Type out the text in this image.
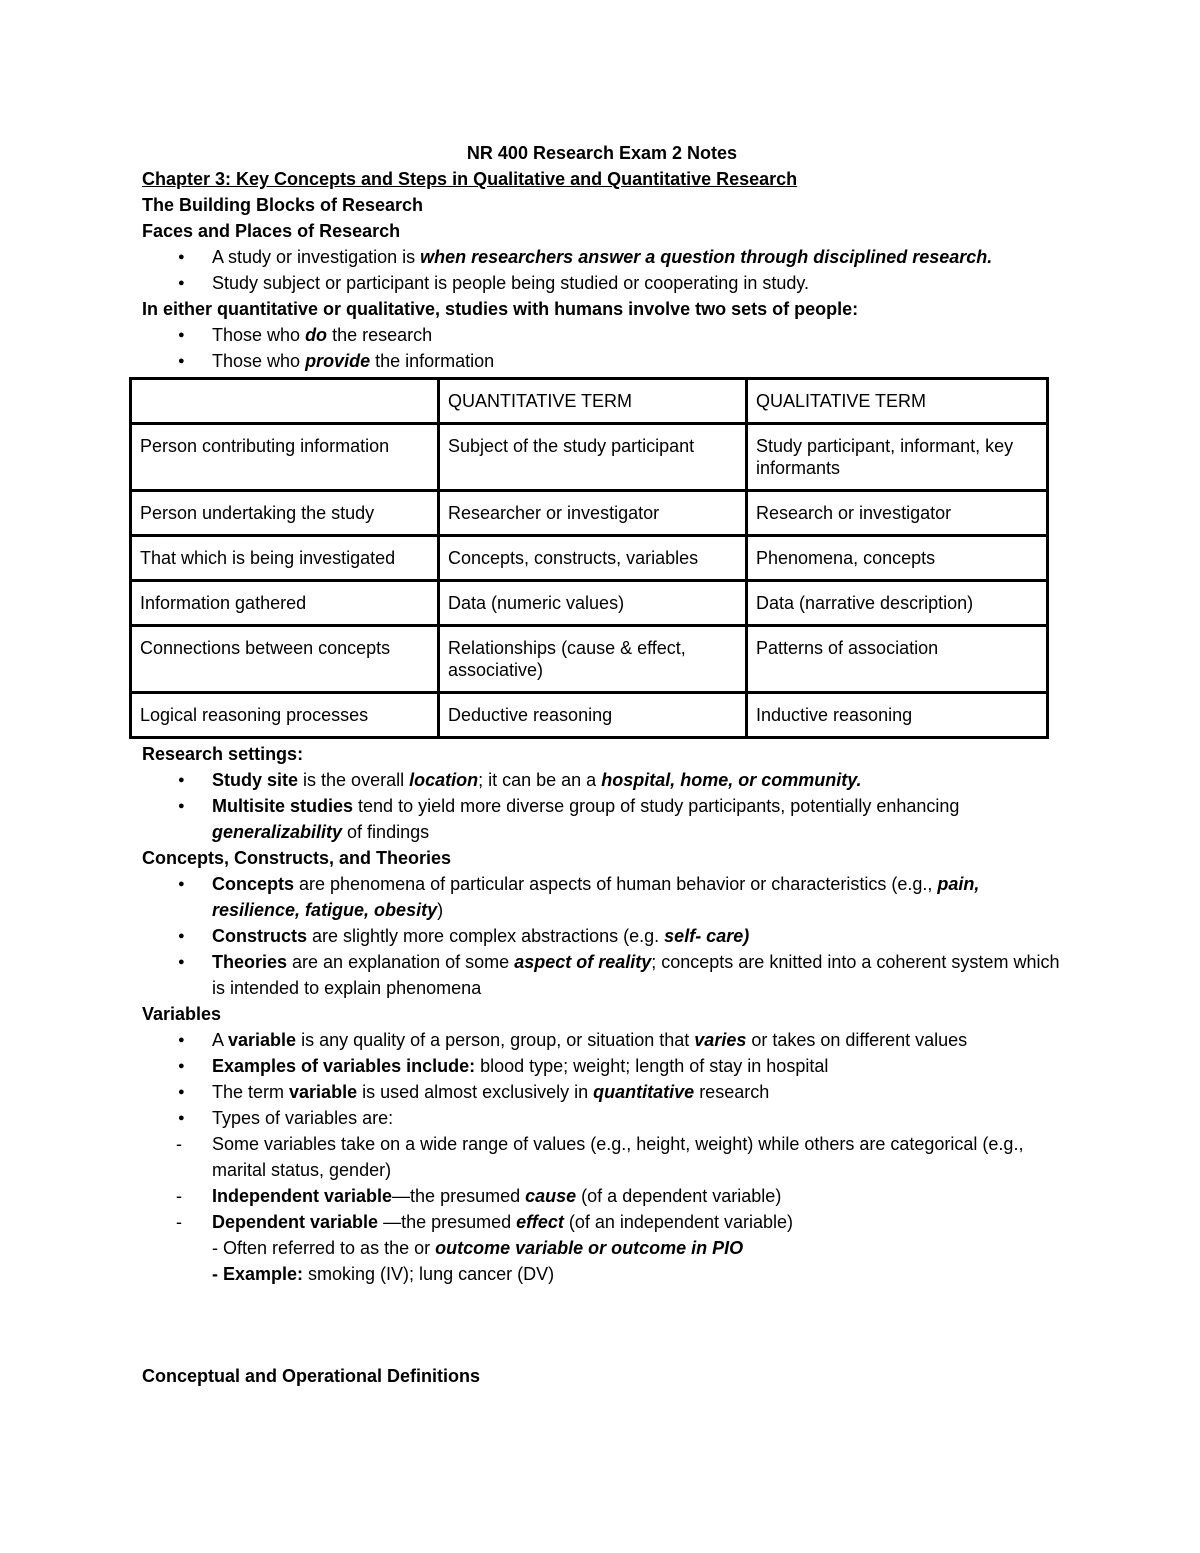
NR 400 Research Exam 2 Notes
Chapter 3: Key Concepts and Steps in Qualitative and Quantitative Research
The Building Blocks of Research
Faces and Places of Research
● A study or investigation is when researchers answer a question through disciplined research.
● Study subject or participant is people being studied or cooperating in study.
In either quantitative or qualitative, studies with humans involve two sets of people:
● Those who do the research
● Those who provide the information
	QUANTITATIVE TERM	QUALITATIVE TERM
Person contributing information	Subject of the study participant	Study participant, informant, key informants
Person undertaking the study	Researcher or investigator	Research or investigator
That which is being investigated	Concepts, constructs, variables	Phenomena, concepts
Information gathered	Data (numeric values)	Data (narrative description)
Connections between concepts	Relationships (cause & effect, associative)	Patterns of association
Logical reasoning processes	Deductive reasoning	Inductive reasoning
Research settings:
● Study site is the overall location; it can be an a hospital, home, or community.
● Multisite studies tend to yield more diverse group of study participants, potentially enhancing generalizability of findings
Concepts, Constructs, and Theories
● Concepts are phenomena of particular aspects of human behavior or characteristics (e.g., pain, resilience, fatigue, obesity)
● Constructs are slightly more complex abstractions (e.g. self- care)
● Theories are an explanation of some aspect of reality; concepts are knitted into a coherent system which is intended to explain phenomena
Variables
● A variable is any quality of a person, group, or situation that varies or takes on different values
● Examples of variables include: blood type; weight; length of stay in hospital
● The term variable is used almost exclusively in quantitative research
● Types of variables are:
- Some variables take on a wide range of values (e.g., height, weight) while others are categorical (e.g., marital status, gender)
- Independent variable—the presumed cause (of a dependent variable)
- Dependent variable —the presumed effect (of an independent variable)
- Often referred to as the or outcome variable or outcome in PIO
- Example: smoking (IV); lung cancer (DV)
Conceptual and Operational Definitions
